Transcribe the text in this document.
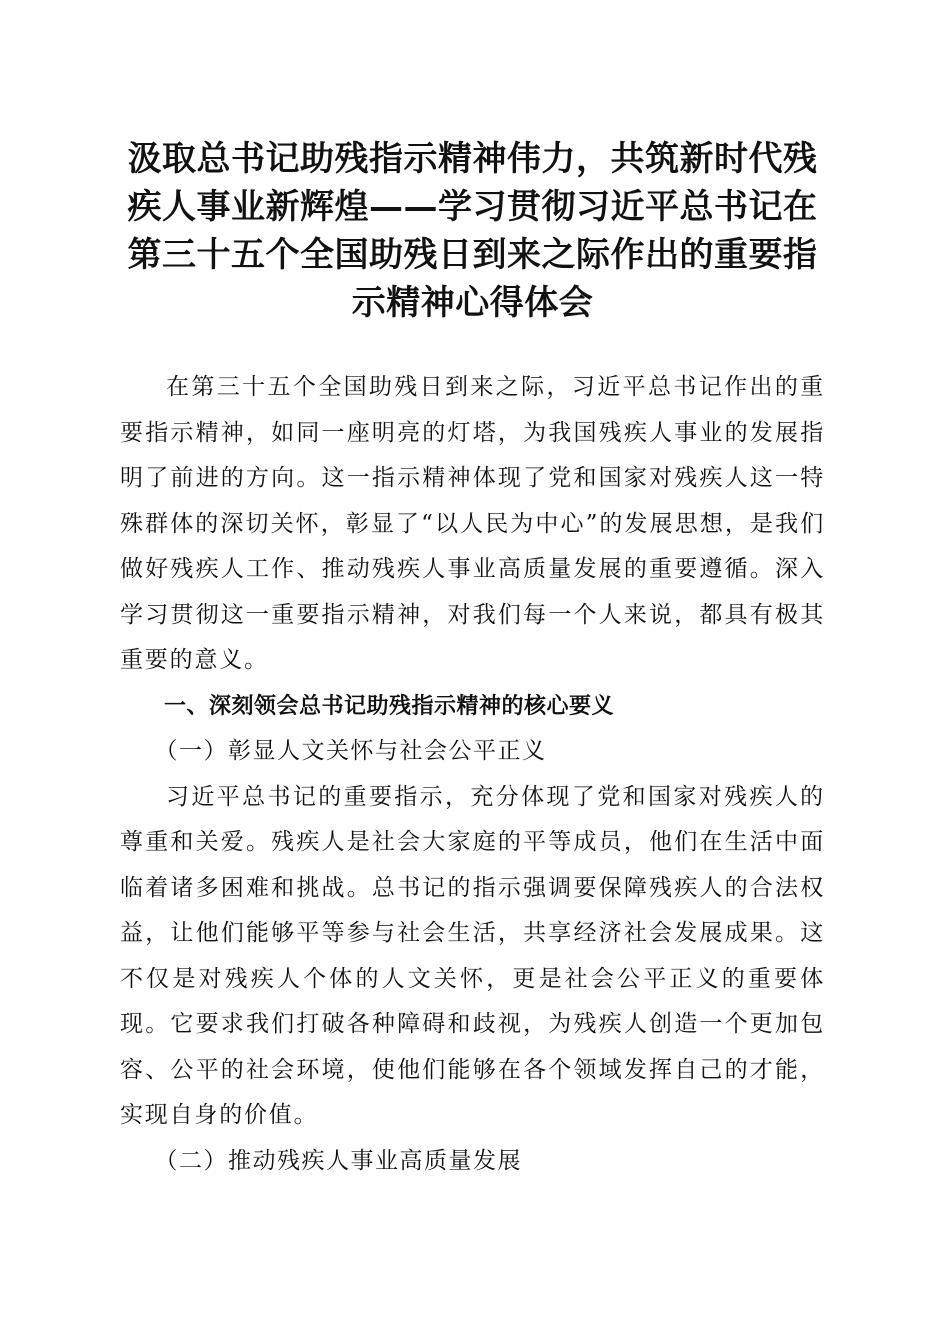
汲取总书记助残指示精神伟力，共筑新时代残
疾人事业新辉煌——学习贯彻习近平总书记在
第三十五个全国助残日到来之际作出的重要指
示精神心得体会

在第三十五个全国助残日到来之际，习近平总书记作出的重要指示精神，如同一座明亮的灯塔，为我国残疾人事业的发展指明了前进的方向。这一指示精神体现了党和国家对残疾人这一特殊群体的深切关怀，彰显了“以人民为中心”的发展思想，是我们做好残疾人工作、推动残疾人事业高质量发展的重要遵循。深入学习贯彻这一重要指示精神，对我们每一个人来说，都具有极其重要的意义。

一、深刻领会总书记助残指示精神的核心要义

（一）彰显人文关怀与社会公平正义

习近平总书记的重要指示，充分体现了党和国家对残疾人的尊重和关爱。残疾人是社会大家庭的平等成员，他们在生活中面临着诸多困难和挑战。总书记的指示强调要保障残疾人的合法权益，让他们能够平等参与社会生活，共享经济社会发展成果。这不仅是对残疾人个体的人文关怀，更是社会公平正义的重要体现。它要求我们打破各种障碍和歧视，为残疾人创造一个更加包容、公平的社会环境，使他们能够在各个领域发挥自己的才能，实现自身的价值。

（二）推动残疾人事业高质量发展
